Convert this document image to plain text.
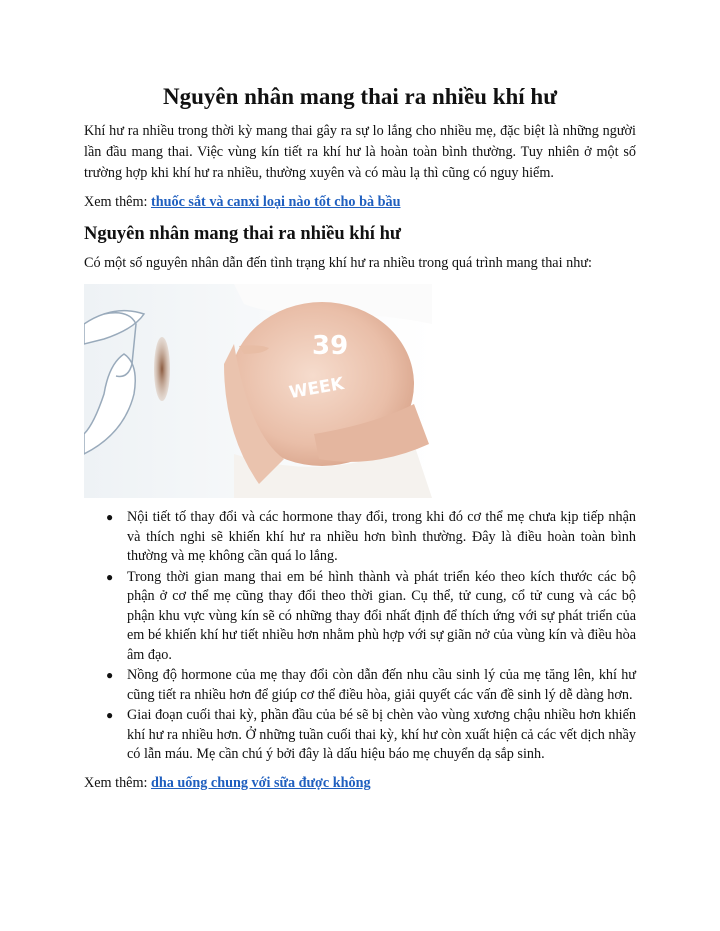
Nguyên nhân mang thai ra nhiều khí hư

Khí hư ra nhiều trong thời kỳ mang thai gây ra sự lo lắng cho nhiều mẹ, đặc biệt là những người lần đầu mang thai. Việc vùng kín tiết ra khí hư là hoàn toàn bình thường. Tuy nhiên ở một số trường hợp khi khí hư ra nhiều, thường xuyên và có màu lạ thì cũng có nguy hiểm.

Xem thêm: thuốc sắt và canxi loại nào tốt cho bà bầu

Nguyên nhân mang thai ra nhiều khí hư

Có một số nguyên nhân dẫn đến tình trạng khí hư ra nhiều trong quá trình mang thai như:

39
WEEK
● Nội tiết tố thay đổi và các hormone thay đổi, trong khi đó cơ thể mẹ chưa kịp tiếp nhận và thích nghi sẽ khiến khí hư ra nhiều hơn bình thường. Đây là điều hoàn toàn bình thường và mẹ không cần quá lo lắng.
● Trong thời gian mang thai em bé hình thành và phát triển kéo theo kích thước các bộ phận ở cơ thể mẹ cũng thay đổi theo thời gian. Cụ thể, tử cung, cổ tử cung và các bộ phận khu vực vùng kín sẽ có những thay đổi nhất định để thích ứng với sự phát triển của em bé khiến khí hư tiết nhiều hơn nhằm phù hợp với sự giãn nở của vùng kín và điều hòa âm đạo.
● Nồng độ hormone của mẹ thay đổi còn dẫn đến nhu cầu sinh lý của mẹ tăng lên, khí hư cũng tiết ra nhiều hơn để giúp cơ thể điều hòa, giải quyết các vấn đề sinh lý dễ dàng hơn.
● Giai đoạn cuối thai kỳ, phần đầu của bé sẽ bị chèn vào vùng xương chậu nhiều hơn khiến khí hư ra nhiều hơn. Ở những tuần cuối thai kỳ, khí hư còn xuất hiện cả các vết dịch nhầy có lẫn máu. Mẹ cần chú ý bởi đây là dấu hiệu báo mẹ chuyển dạ sắp sinh.

Xem thêm: dha uống chung với sữa được không
